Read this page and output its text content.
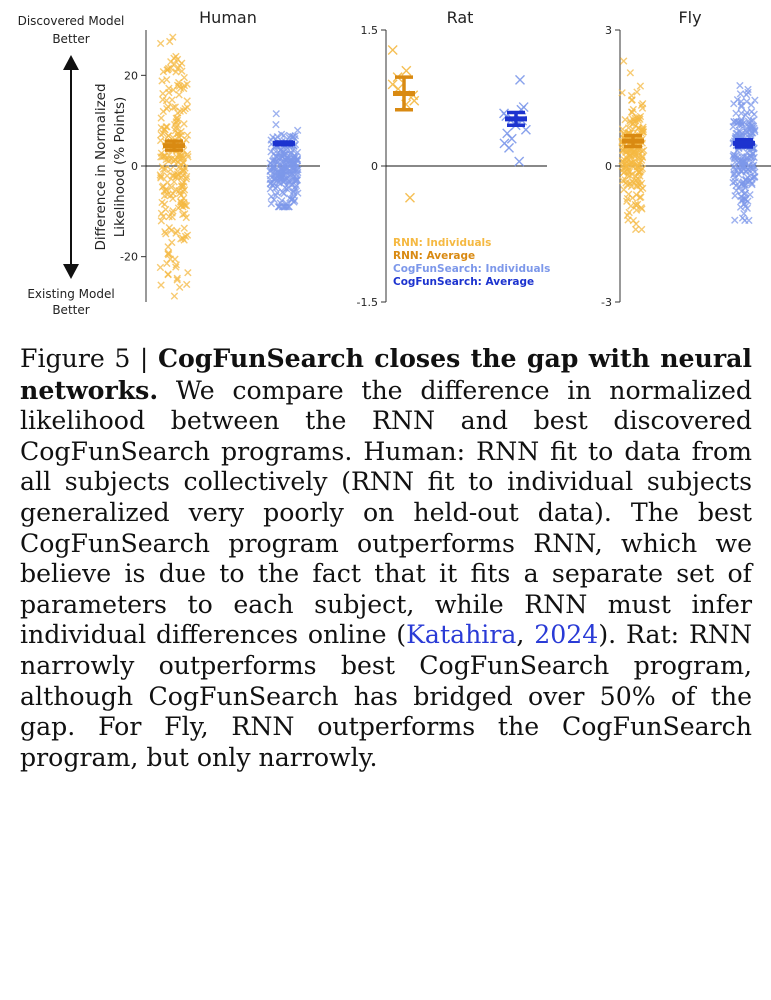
Discovered Model
Better
Existing Model
Better
Difference in Normalized Likelihood (% Points)
Human
-20
0
20
Rat
-1.5
0
1.5
Fly
-3
0
3
RNN: Individuals
RNN: Average
CogFunSearch: Individuals
CogFunSearch: Average

Figure 5 | CogFunSearch closes the gap with neural networks. We compare the difference in normalized likelihood between the RNN and best discovered CogFunSearch programs. Human: RNN fit to data from all subjects collectively (RNN fit to individual subjects generalized very poorly on held-out data). The best CogFunSearch program outperforms RNN, which we believe is due to the fact that it fits a separate set of parameters to each subject, while RNN must infer individual differences online (Katahira, 2024). Rat: RNN narrowly outperforms best CogFunSearch program, although CogFunSearch has bridged over 50% of the gap. For Fly, RNN outperforms the CogFunSearch program, but only narrowly.
